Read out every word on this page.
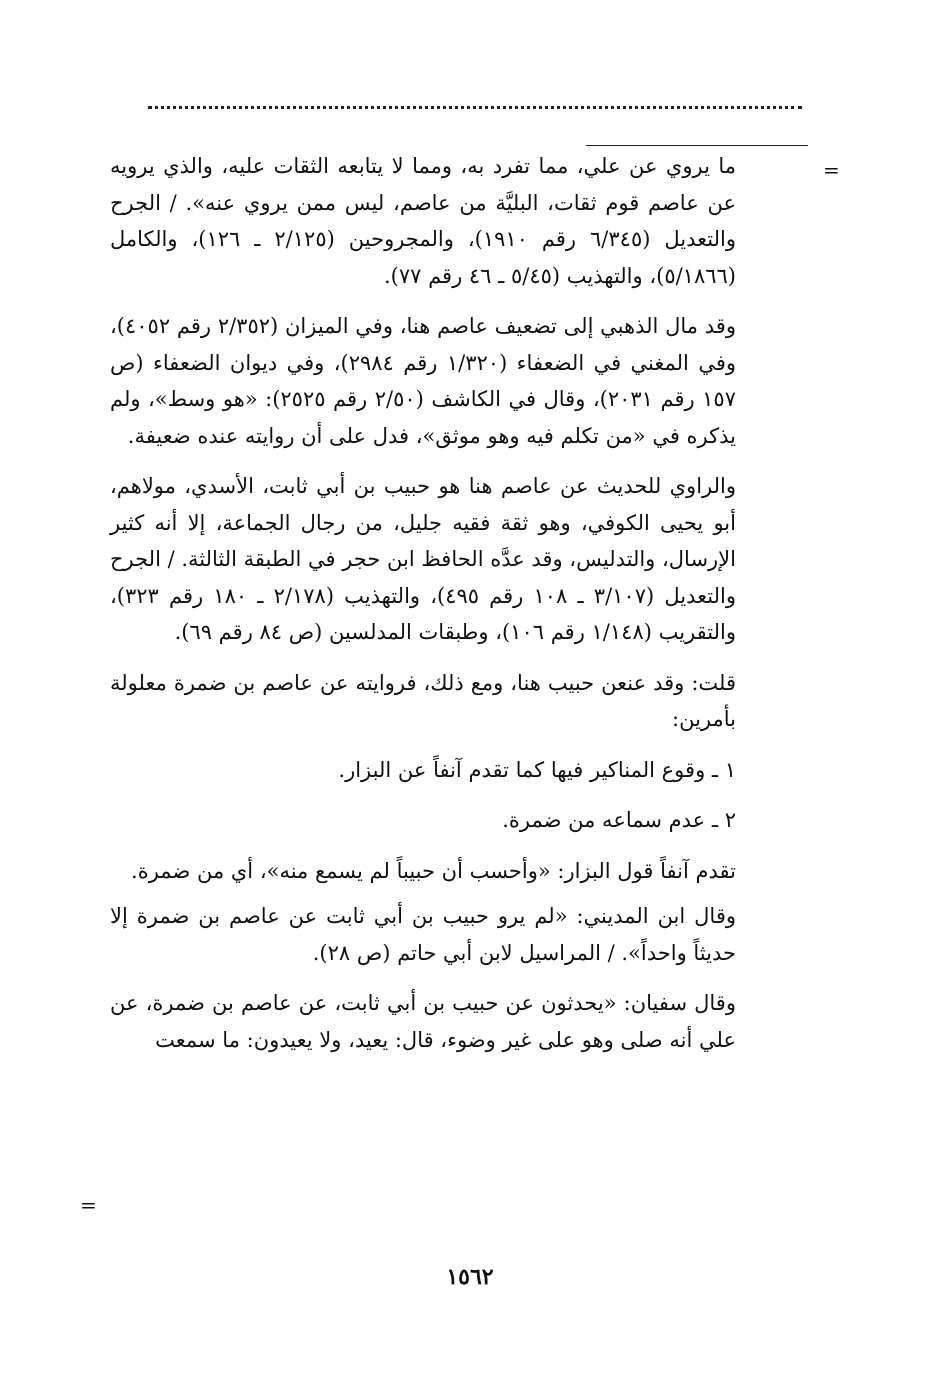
=

ما يروي عن علي، مما تفرد به، ومما لا يتابعه الثقات عليه، والذي يرويه عن عاصم قوم ثقات، البليَّة من عاصم، ليس ممن يروي عنه». / الجرح والتعديل (٦/٣٤٥ رقم ١٩١٠)، والمجروحين (٢/١٢٥ ـ ١٢٦)، والكامل (٥/١٨٦٦)، والتهذيب (٥/٤٥ ـ ٤٦ رقم ٧٧).

وقد مال الذهبي إلى تضعيف عاصم هنا، وفي الميزان (٢/٣٥٢ رقم ٤٠٥٢)، وفي المغني في الضعفاء (١/٣٢٠ رقم ٢٩٨٤)، وفي ديوان الضعفاء (ص ١٥٧ رقم ٢٠٣١)، وقال في الكاشف (٢/٥٠ رقم ٢٥٢٥): «هو وسط»، ولم يذكره في «من تكلم فيه وهو موثق»، فدل على أن روايته عنده ضعيفة.

والراوي للحديث عن عاصم هنا هو حبيب بن أبي ثابت، الأسدي، مولاهم، أبو يحيى الكوفي، وهو ثقة فقيه جليل، من رجال الجماعة، إلا أنه كثير الإرسال، والتدليس، وقد عدَّه الحافظ ابن حجر في الطبقة الثالثة. / الجرح والتعديل (٣/١٠٧ ـ ١٠٨ رقم ٤٩٥)، والتهذيب (٢/١٧٨ ـ ١٨٠ رقم ٣٢٣)، والتقريب (١/١٤٨ رقم ١٠٦)، وطبقات المدلسين (ص ٨٤ رقم ٦٩).

قلت: وقد عنعن حبيب هنا، ومع ذلك، فروايته عن عاصم بن ضمرة معلولة بأمرين:

١ ـ وقوع المناكير فيها كما تقدم آنفاً عن البزار.

٢ ـ عدم سماعه من ضمرة.

تقدم آنفاً قول البزار: «وأحسب أن حبيباً لم يسمع منه»، أي من ضمرة.

وقال ابن المديني: «لم يرو حبيب بن أبي ثابت عن عاصم بن ضمرة إلا حديثاً واحداً». / المراسيل لابن أبي حاتم (ص ٢٨).

وقال سفيان: «يحدثون عن حبيب بن أبي ثابت، عن عاصم بن ضمرة، عن علي أنه صلى وهو على غير وضوء، قال: يعيد، ولا يعيدون: ما سمعت

=
١٥٦٢
